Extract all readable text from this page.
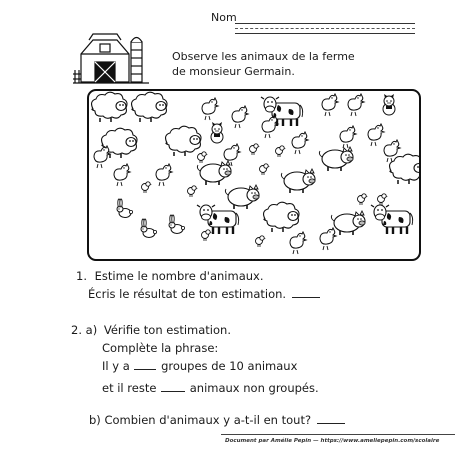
Nom
Observe les animaux de la ferme
de monsieur Germain.
1. Estime le nombre d'animaux.
Écris le résultat de ton estimation.
2. a) Vérifie ton estimation.
Complète la phrase:
Il y a	groupes de 10 animaux
et il reste	animaux non groupés.
b) Combien d'animaux y a-t-il en tout?
Document par Amélie Pepin — https://www.ameliepepin.com/scolaire
